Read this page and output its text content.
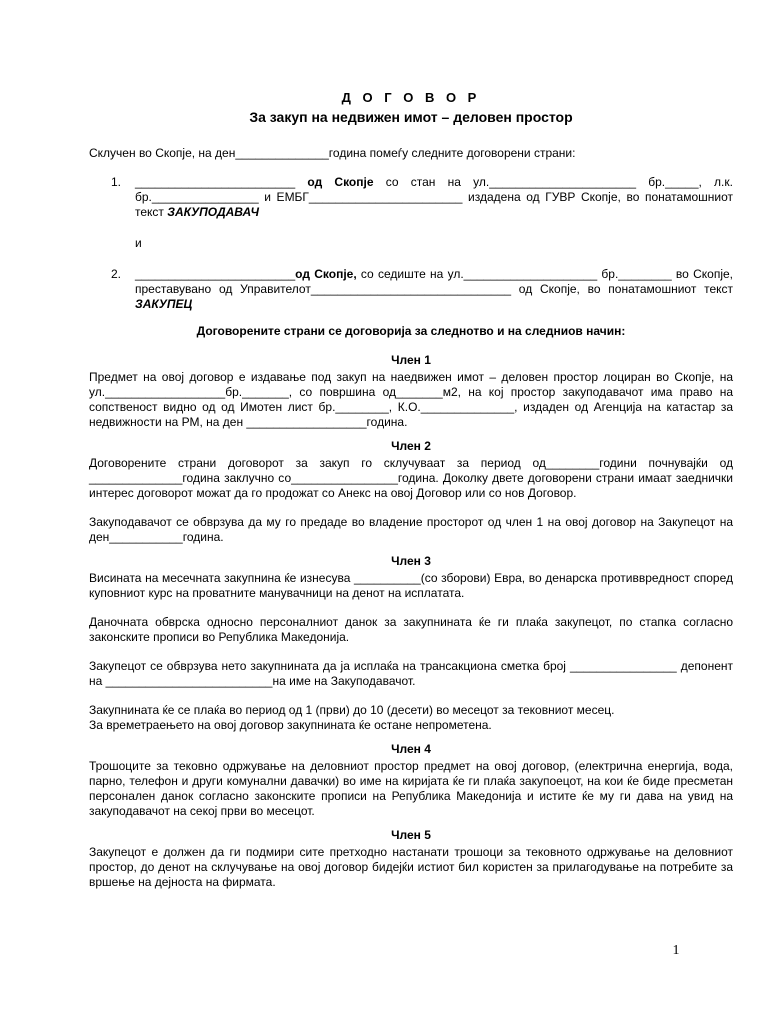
Д О Г О В О Р

За закуп на недвижен имот – деловен простор

Склучен во Скопје, на ден______________година помеѓу следните договорени страни:

1.	________________________ од Скопје со стан на ул.______________________ бр._____, л.к. бр.________________ и ЕМБГ_______________________ издадена од ГУВР Скопје, во понатамошниот текст ЗАКУПОДАВАЧ

и

2.	________________________од Скопје, со седиште на ул.____________________ бр.________ во Скопје, преставувано од Управителот______________________________ од Скопје, во понатамошниот текст ЗАКУПЕЦ

Договорените страни се договорија за следнотво и на следниов начин:

Член 1

Предмет на овој договор е издавање под закуп на наедвижен имот – деловен простор лоциран во Скопје, на ул.__________________бр._______, со површина од_______м2, на кој простор закуподавачот има право на сопственост видно од од Имотен лист бр.________, К.О.______________, издаден од Агенција на катастар за недвижности на РМ, на ден __________________година.

Член 2

Договорените страни договорот за закуп го склучуваат за период од________години почнувајќи од ______________година заклучно со________________година. Доколку двете договорени страни имаат заеднички интерес договорот можат да го продожат со Анекс на овој Договор или со нов Договор.

Закуподавачот се обврзува да му го предаде во владение просторот од член 1 на овој договор на Закупецот на ден___________година.

Член 3

Висината на месечната закупнина ќе изнесува __________(со зборови) Евра, во денарска противвредност според куповниот курс на проватните манувачници на денот на исплатата.

Даночната обврска односно персоналниот данок за закупнината ќе ги плаќа закупецот, по стапка согласно законските прописи во Република Македонија.

Закупецот се обврзува нето закупнината да ја исплаќа на трансакциона сметка број ________________ депонент на _________________________на име на Закуподавачот.

Закупнината ќе се плаќа во период од 1 (први) до 10 (десети) во месецот за тековниот месец.
За времетраењето на овој договор закупнината ќе остане непрометена.

Член 4

Трошоците за тековно одржување на деловниот простор предмет на овој договор, (електрична енергија, вода, парно, телефон и други комунални давачки) во име на киријата ќе ги плаќа закупоецот, на кои ќе биде пресметан персонален данок согласно законските прописи на Република Македонија и истите ќе му ги дава на увид на закуподавачот на секој први во месецот.

Член 5

Закупецот е должен да ги подмири сите претходно настанати трошоци за тековното одржување на деловниот простор, до денот на склучување на овој договор бидејќи истиот бил користен за прилагодување на потребите за вршење на дејноста на фирмата.

1
